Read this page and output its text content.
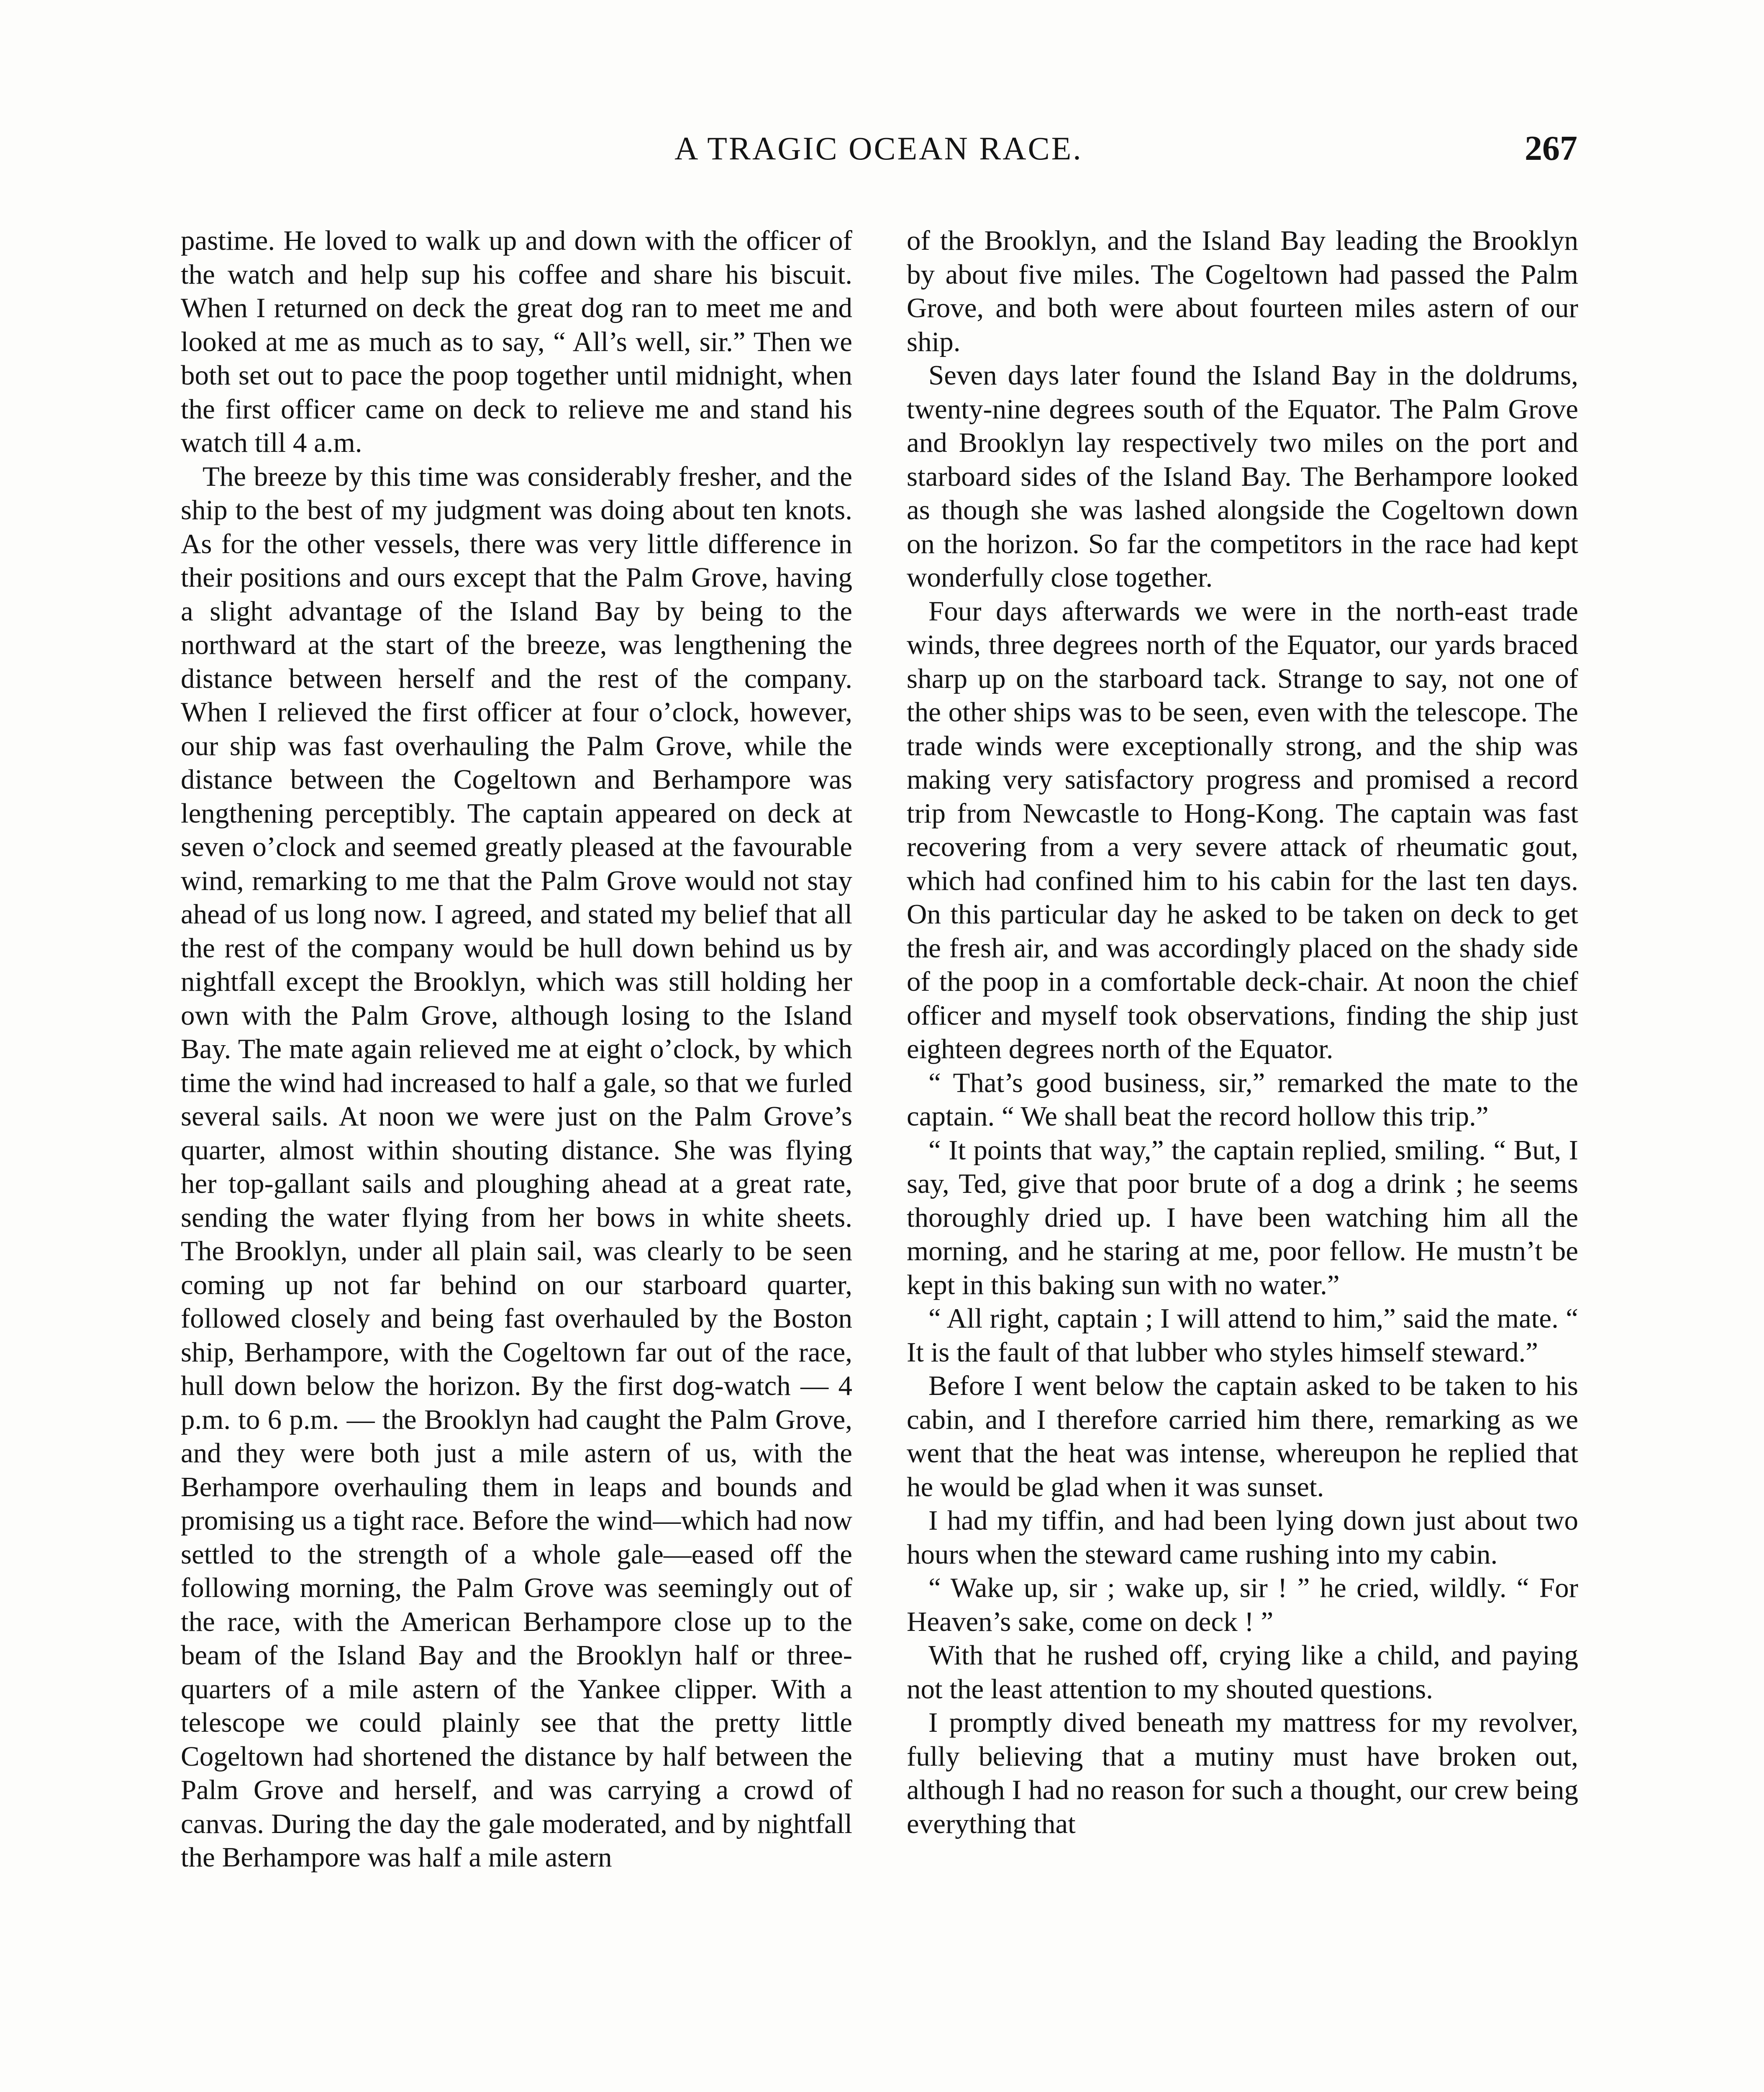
A TRAGIC OCEAN RACE.	267

pastime. He loved to walk up and down with the officer of the watch and help sup his coffee and share his biscuit. When I returned on deck the great dog ran to meet me and looked at me as much as to say, “ All’s well, sir.” Then we both set out to pace the poop together until midnight, when the first officer came on deck to relieve me and stand his watch till 4 a.m.

The breeze by this time was considerably fresher, and the ship to the best of my judgment was doing about ten knots. As for the other vessels, there was very little difference in their positions and ours except that the Palm Grove, having a slight advantage of the Island Bay by being to the northward at the start of the breeze, was lengthening the distance between herself and the rest of the company. When I relieved the first officer at four o’clock, however, our ship was fast overhauling the Palm Grove, while the distance between the Cogeltown and Berhampore was lengthening perceptibly. The captain appeared on deck at seven o’clock and seemed greatly pleased at the favourable wind, remarking to me that the Palm Grove would not stay ahead of us long now. I agreed, and stated my belief that all the rest of the company would be hull down behind us by nightfall except the Brooklyn, which was still holding her own with the Palm Grove, although losing to the Island Bay. The mate again relieved me at eight o’clock, by which time the wind had increased to half a gale, so that we furled several sails. At noon we were just on the Palm Grove’s quarter, almost within shouting distance. She was flying her top-gallant sails and ploughing ahead at a great rate, sending the water flying from her bows in white sheets. The Brooklyn, under all plain sail, was clearly to be seen coming up not far behind on our starboard quarter, followed closely and being fast overhauled by the Boston ship, Berhampore, with the Cogeltown far out of the race, hull down below the horizon. By the first dog-watch — 4 p.m. to 6 p.m. — the Brooklyn had caught the Palm Grove, and they were both just a mile astern of us, with the Berhampore overhauling them in leaps and bounds and promising us a tight race. Before the wind—which had now settled to the strength of a whole gale—eased off the following morning, the Palm Grove was seemingly out of the race, with the American Berhampore close up to the beam of the Island Bay and the Brooklyn half or three-quarters of a mile astern of the Yankee clipper. With a telescope we could plainly see that the pretty little Cogeltown had shortened the distance by half between the Palm Grove and herself, and was carrying a crowd of canvas. During the day the gale moderated, and by nightfall the Berhampore was half a mile astern

of the Brooklyn, and the Island Bay leading the Brooklyn by about five miles. The Cogeltown had passed the Palm Grove, and both were about fourteen miles astern of our ship.

Seven days later found the Island Bay in the doldrums, twenty-nine degrees south of the Equator. The Palm Grove and Brooklyn lay respectively two miles on the port and starboard sides of the Island Bay. The Berhampore looked as though she was lashed alongside the Cogeltown down on the horizon. So far the competitors in the race had kept wonderfully close together.

Four days afterwards we were in the north-east trade winds, three degrees north of the Equator, our yards braced sharp up on the starboard tack. Strange to say, not one of the other ships was to be seen, even with the telescope. The trade winds were exceptionally strong, and the ship was making very satisfactory progress and promised a record trip from Newcastle to Hong-Kong. The captain was fast recovering from a very severe attack of rheumatic gout, which had confined him to his cabin for the last ten days. On this particular day he asked to be taken on deck to get the fresh air, and was accordingly placed on the shady side of the poop in a comfortable deck-chair. At noon the chief officer and myself took observations, finding the ship just eighteen degrees north of the Equator.

“ That’s good business, sir,” remarked the mate to the captain. “ We shall beat the record hollow this trip.”

“ It points that way,” the captain replied, smiling. “ But, I say, Ted, give that poor brute of a dog a drink ; he seems thoroughly dried up. I have been watching him all the morning, and he staring at me, poor fellow. He mustn’t be kept in this baking sun with no water.”

“ All right, captain ; I will attend to him,” said the mate. “ It is the fault of that lubber who styles himself steward.”

Before I went below the captain asked to be taken to his cabin, and I therefore carried him there, remarking as we went that the heat was intense, whereupon he replied that he would be glad when it was sunset.

I had my tiffin, and had been lying down just about two hours when the steward came rushing into my cabin.

“ Wake up, sir ; wake up, sir ! ” he cried, wildly. “ For Heaven’s sake, come on deck ! ”

With that he rushed off, crying like a child, and paying not the least attention to my shouted questions.

I promptly dived beneath my mattress for my revolver, fully believing that a mutiny must have broken out, although I had no reason for such a thought, our crew being everything that
